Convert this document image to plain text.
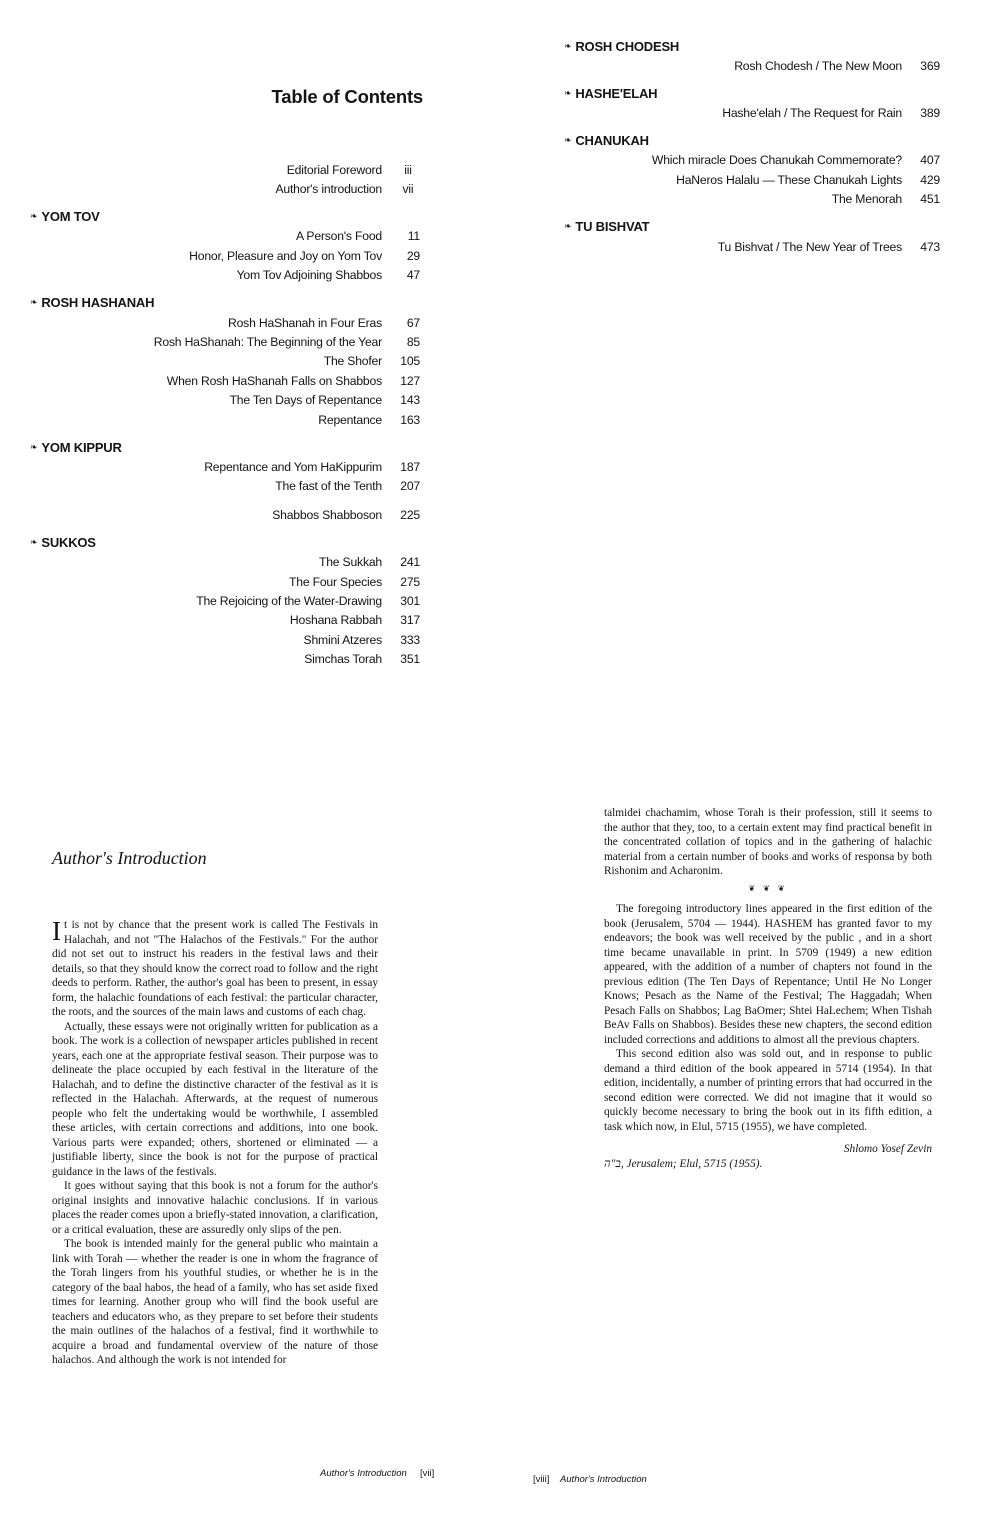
Table of Contents
Editorial Foreword	iii
Author's introduction	vii
❧ YOM TOV
A Person's Food	11
Honor, Pleasure and Joy on Yom Tov	29
Yom Tov Adjoining Shabbos	47
❧ ROSH HASHANAH
Rosh HaShanah in Four Eras	67
Rosh HaShanah: The Beginning of the Year	85
The Shofer	105
When Rosh HaShanah Falls on Shabbos	127
The Ten Days of Repentance	143
Repentance	163
❧ YOM KIPPUR
Repentance and Yom HaKippurim	187
The fast of the Tenth	207
Shabbos Shabboson	225
❧ SUKKOS
The Sukkah	241
The Four Species	275
The Rejoicing of the Water-Drawing	301
Hoshana Rabbah	317
Shmini Atzeres	333
Simchas Torah	351
❧ ROSH CHODESH
Rosh Chodesh / The New Moon	369
❧ HASHE'ELAH
Hashe'elah / The Request for Rain	389
❧ CHANUKAH
Which miracle Does Chanukah Commemorate?	407
HaNeros Halalu — These Chanukah Lights	429
The Menorah	451
❧ TU BISHVAT
Tu Bishvat / The New Year of Trees	473
Author's Introduction

It is not by chance that the present work is called The Festivals in Halachah, and not "The Halachos of the Festivals." For the author did not set out to instruct his readers in the festival laws and their details, so that they should know the correct road to follow and the right deeds to perform. Rather, the author's goal has been to present, in essay form, the halachic foundations of each festival: the particular character, the roots, and the sources of the main laws and customs of each chag.

Actually, these essays were not originally written for publication as a book. The work is a collection of newspaper articles published in recent years, each one at the appropriate festival season. Their purpose was to delineate the place occupied by each festival in the literature of the Halachah, and to define the distinctive character of the festival as it is reflected in the Halachah. Afterwards, at the request of numerous people who felt the undertaking would be worthwhile, I assembled these articles, with certain corrections and additions, into one book. Various parts were expanded; others, shortened or eliminated — a justifiable liberty, since the book is not for the purpose of practical guidance in the laws of the festivals.

It goes without saying that this book is not a forum for the author's original insights and innovative halachic conclusions. If in various places the reader comes upon a briefly-stated innovation, a clarification, or a critical evaluation, these are assuredly only slips of the pen.

The book is intended mainly for the general public who maintain a link with Torah — whether the reader is one in whom the fragrance of the Torah lingers from his youthful studies, or whether he is in the category of the baal habos, the head of a family, who has set aside fixed times for learning. Another group who will find the book useful are teachers and educators who, as they prepare to set before their students the main outlines of the halachos of a festival, find it worthwhile to acquire a broad and fundamental overview of the nature of those halachos. And although the work is not intended for

talmidei chachamim, whose Torah is their profession, still it seems to the author that they, too, to a certain extent may find practical benefit in the concentrated collation of topics and in the gathering of halachic material from a certain number of books and works of responsa by both Rishonim and Acharonim.

❦ ❦ ❦

The foregoing introductory lines appeared in the first edition of the book (Jerusalem, 5704 — 1944). HASHEM has granted favor to my endeavors; the book was well received by the public , and in a short time became unavailable in print. In 5709 (1949) a new edition appeared, with the addition of a number of chapters not found in the previous edition (The Ten Days of Repentance; Until He No Longer Knows; Pesach as the Name of the Festival; The Haggadah; When Pesach Falls on Shabbos; Lag BaOmer; Shtei HaLechem; When Tishah BeAv Falls on Shabbos). Besides these new chapters, the second edition included corrections and additions to almost all the previous chapters.

This second edition also was sold out, and in response to public demand a third edition of the book appeared in 5714 (1954). In that edition, incidentally, a number of printing errors that had occurred in the second edition were corrected. We did not imagine that it would so quickly become necessary to bring the book out in its fifth edition, a task which now, in Elul, 5715 (1955), we have completed.

Shlomo Yosef Zevin
ב"ה, Jerusalem; Elul, 5715 (1955).
Author's Introduction [vii]
[viii] Author's Introduction
